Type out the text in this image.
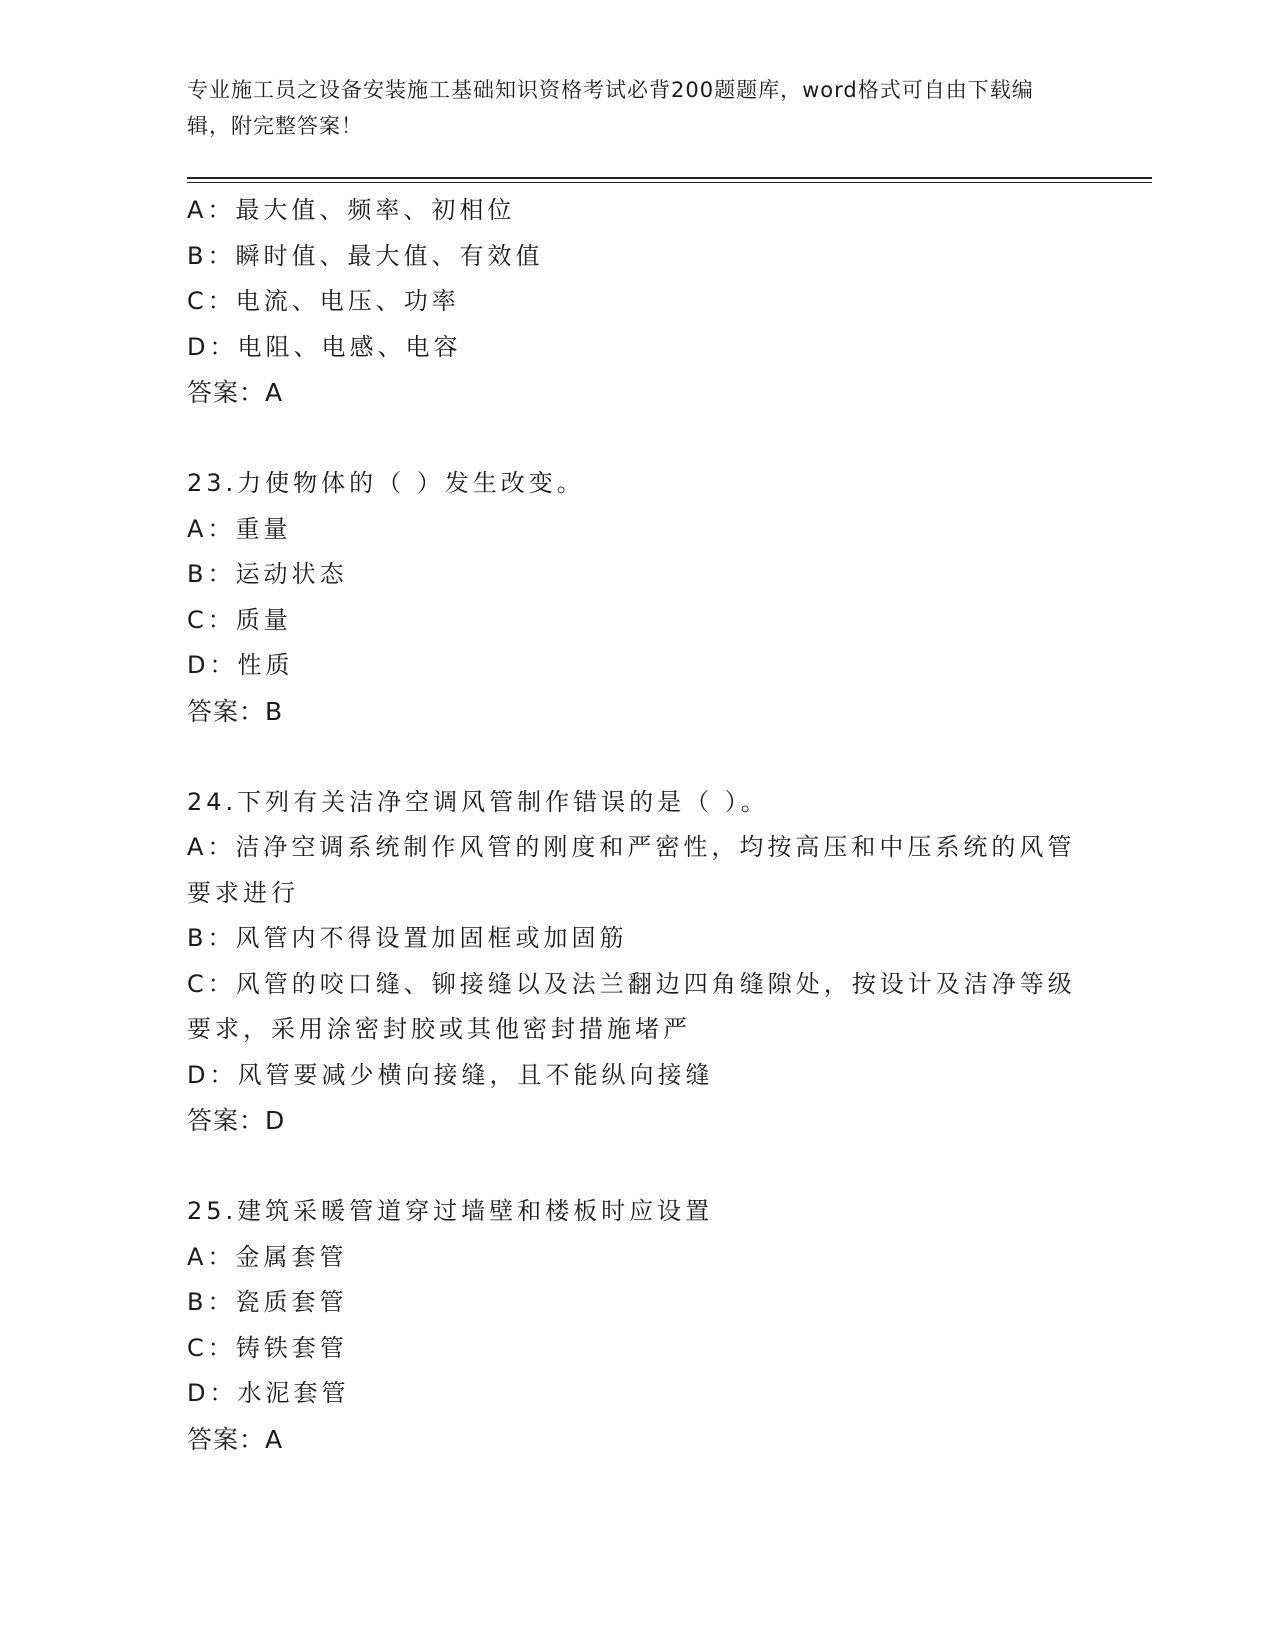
专业施工员之设备安装施工基础知识资格考试必背200题题库，word格式可自由下载编辑，附完整答案！
A：最大值、频率、初相位
B：瞬时值、最大值、有效值
C：电流、电压、功率
D：电阻、电感、电容
答案：A
23.力使物体的（ ）发生改变。
A：重量
B：运动状态
C：质量
D：性质
答案：B
24.下列有关洁净空调风管制作错误的是（ ）。
A：洁净空调系统制作风管的刚度和严密性，均按高压和中压系统的风管要求进行
B：风管内不得设置加固框或加固筋
C：风管的咬口缝、铆接缝以及法兰翻边四角缝隙处，按设计及洁净等级要求，采用涂密封胶或其他密封措施堵严
D：风管要减少横向接缝，且不能纵向接缝
答案：D
25.建筑采暖管道穿过墙壁和楼板时应设置
A：金属套管
B：瓷质套管
C：铸铁套管
D：水泥套管
答案：A
